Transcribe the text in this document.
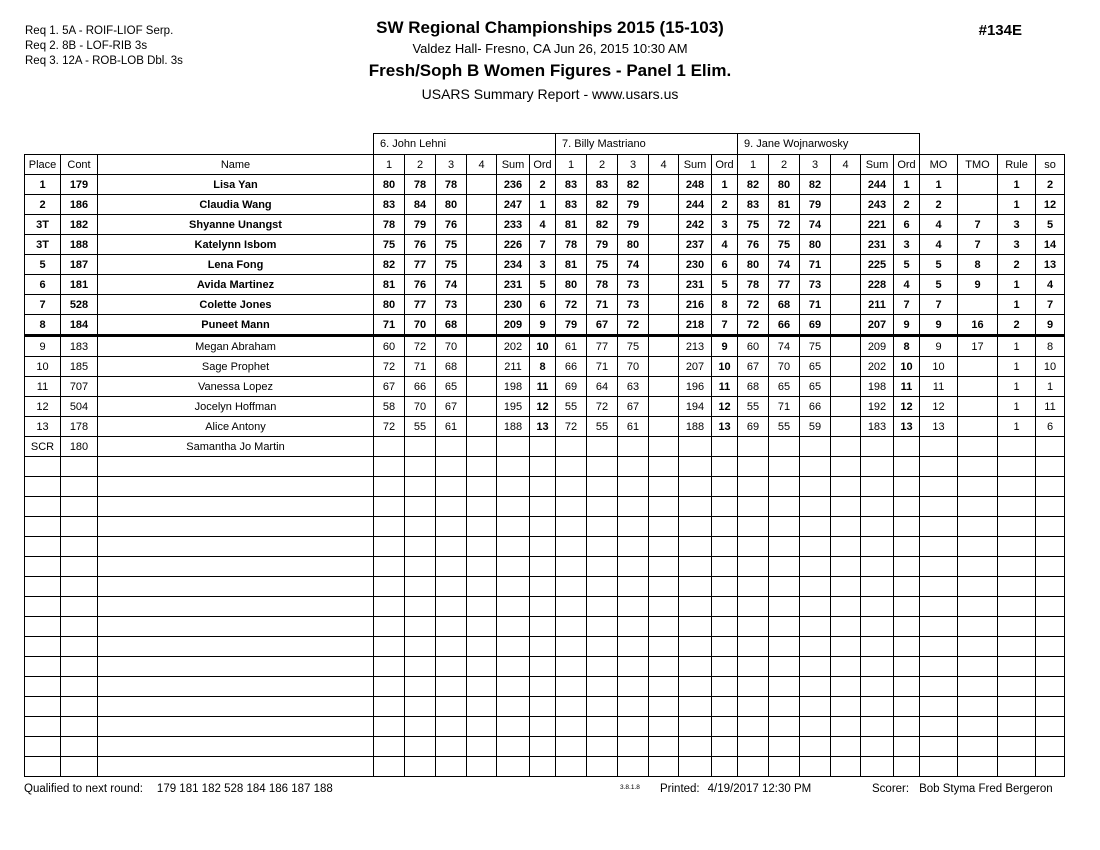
Req 1. 5A - ROIF-LIOF Serp.
Req 2. 8B - LOF-RIB 3s
Req 3. 12A - ROB-LOB Dbl. 3s
SW Regional Championships 2015 (15-103)
Valdez Hall- Fresno, CA Jun 26, 2015 10:30 AM
Fresh/Soph B Women Figures - Panel 1 Elim.
USARS Summary Report - www.usars.us
#134E
			6. John Lehni						7. Billy Mastriano						9. Jane Wojnarwosky									
Place	Cont	Name	1	2	3	4	Sum	Ord	1	2	3	4	Sum	Ord	1	2	3	4	Sum	Ord	MO	TMO	Rule	so
1	179	Lisa Yan	80	78	78		236	2	83	83	82		248	1	82	80	82		244	1	1		1	2
2	186	Claudia Wang	83	84	80		247	1	83	82	79		244	2	83	81	79		243	2	2		1	12
3T	182	Shyanne Unangst	78	79	76		233	4	81	82	79		242	3	75	72	74		221	6	4	7	3	5
3T	188	Katelynn Isbom	75	76	75		226	7	78	79	80		237	4	76	75	80		231	3	4	7	3	14
5	187	Lena Fong	82	77	75		234	3	81	75	74		230	6	80	74	71		225	5	5	8	2	13
6	181	Avida Martinez	81	76	74		231	5	80	78	73		231	5	78	77	73		228	4	5	9	1	4
7	528	Colette Jones	80	77	73		230	6	72	71	73		216	8	72	68	71		211	7	7		1	7
8	184	Puneet Mann	71	70	68		209	9	79	67	72		218	7	72	66	69		207	9	9	16	2	9
9	183	Megan Abraham	60	72	70		202	10	61	77	75		213	9	60	74	75		209	8	9	17	1	8
10	185	Sage Prophet	72	71	68		211	8	66	71	70		207	10	67	70	65		202	10	10		1	10
11	707	Vanessa Lopez	67	66	65		198	11	69	64	63		196	11	68	65	65		198	11	11		1	1
12	504	Jocelyn Hoffman	58	70	67		195	12	55	72	67		194	12	55	71	66		192	12	12		1	11
13	178	Alice Antony	72	55	61		188	13	72	55	61		188	13	69	55	59		183	13	13		1	6
SCR	180	Samantha Jo Martin																						

Qualified to next round: 179 181 182 528 184 186 187 188	3.8.1.8 Printed: 4/19/2017 12:30 PM	Scorer: Bob Styma Fred Bergeron
